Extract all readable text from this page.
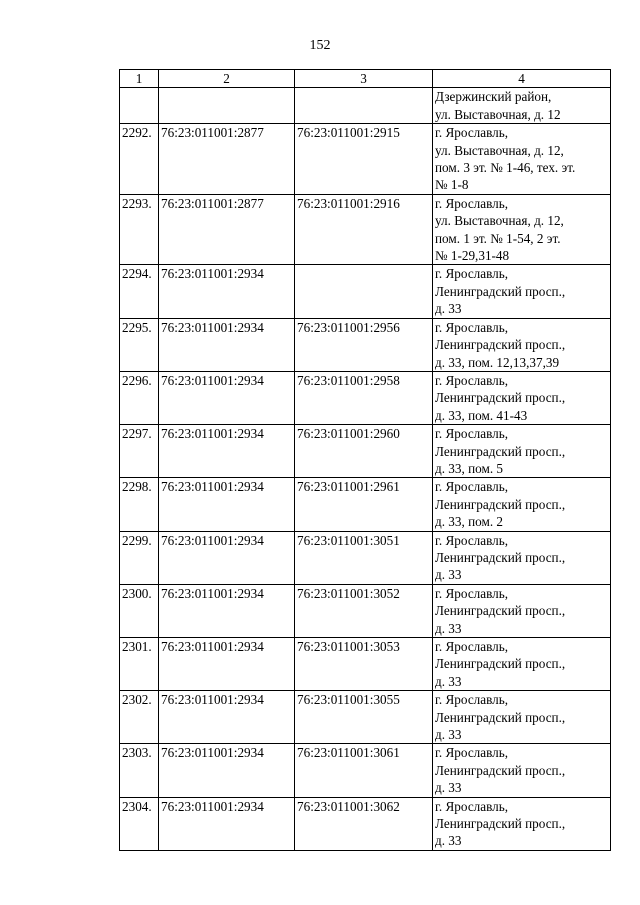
152
1	2	3	4

			Дзержинский район,
ул. Выставочная, д. 12

2292.	76:23:011001:2877	76:23:011001:2915	г. Ярославль,
ул. Выставочная, д. 12,
пом. 3 эт. № 1-46, тех. эт.
№ 1-8

2293.	76:23:011001:2877	76:23:011001:2916	г. Ярославль,
ул. Выставочная, д. 12,
пом. 1 эт. № 1-54, 2 эт.
№ 1-29,31-48

2294.	76:23:011001:2934		г. Ярославль,
Ленинградский просп.,
д. 33

2295.	76:23:011001:2934	76:23:011001:2956	г. Ярославль,
Ленинградский просп.,
д. 33, пом. 12,13,37,39

2296.	76:23:011001:2934	76:23:011001:2958	г. Ярославль,
Ленинградский просп.,
д. 33, пом. 41-43

2297.	76:23:011001:2934	76:23:011001:2960	г. Ярославль,
Ленинградский просп.,
д. 33, пом. 5

2298.	76:23:011001:2934	76:23:011001:2961	г. Ярославль,
Ленинградский просп.,
д. 33, пом. 2

2299.	76:23:011001:2934	76:23:011001:3051	г. Ярославль,
Ленинградский просп.,
д. 33

2300.	76:23:011001:2934	76:23:011001:3052	г. Ярославль,
Ленинградский просп.,
д. 33

2301.	76:23:011001:2934	76:23:011001:3053	г. Ярославль,
Ленинградский просп.,
д. 33

2302.	76:23:011001:2934	76:23:011001:3055	г. Ярославль,
Ленинградский просп.,
д. 33

2303.	76:23:011001:2934	76:23:011001:3061	г. Ярославль,
Ленинградский просп.,
д. 33

2304.	76:23:011001:2934	76:23:011001:3062	г. Ярославль,
Ленинградский просп.,
д. 33
